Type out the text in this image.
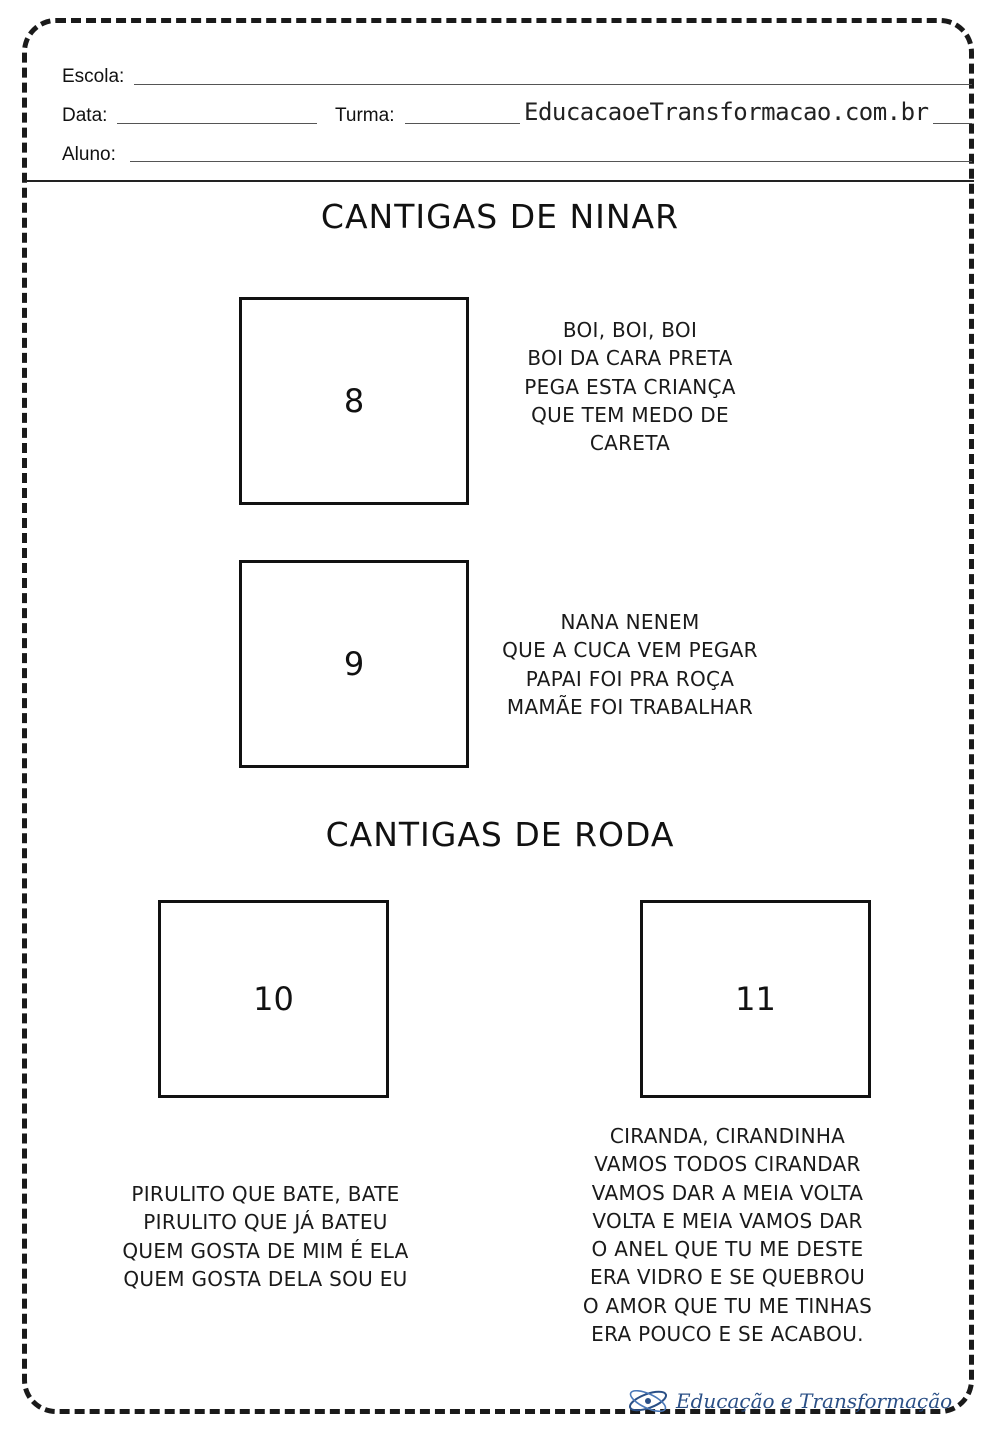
Escola:
Data:	Turma:	EducacaoeTransformacao.com.br
Aluno:
CANTIGAS DE NINAR
8
BOI, BOI, BOI
BOI DA CARA PRETA
PEGA ESTA CRIANÇA
QUE TEM MEDO DE
CARETA
9
NANA NENEM
QUE A CUCA VEM PEGAR
PAPAI FOI PRA ROÇA
MAMÃE FOI TRABALHAR
CANTIGAS DE RODA
10	11
PIRULITO QUE BATE, BATE
PIRULITO QUE JÁ BATEU
QUEM GOSTA DE MIM É ELA
QUEM GOSTA DELA SOU EU
CIRANDA, CIRANDINHA
VAMOS TODOS CIRANDAR
VAMOS DAR A MEIA VOLTA
VOLTA E MEIA VAMOS DAR
O ANEL QUE TU ME DESTE
ERA VIDRO E SE QUEBROU
O AMOR QUE TU ME TINHAS
ERA POUCO E SE ACABOU.
Educação e Transformação
